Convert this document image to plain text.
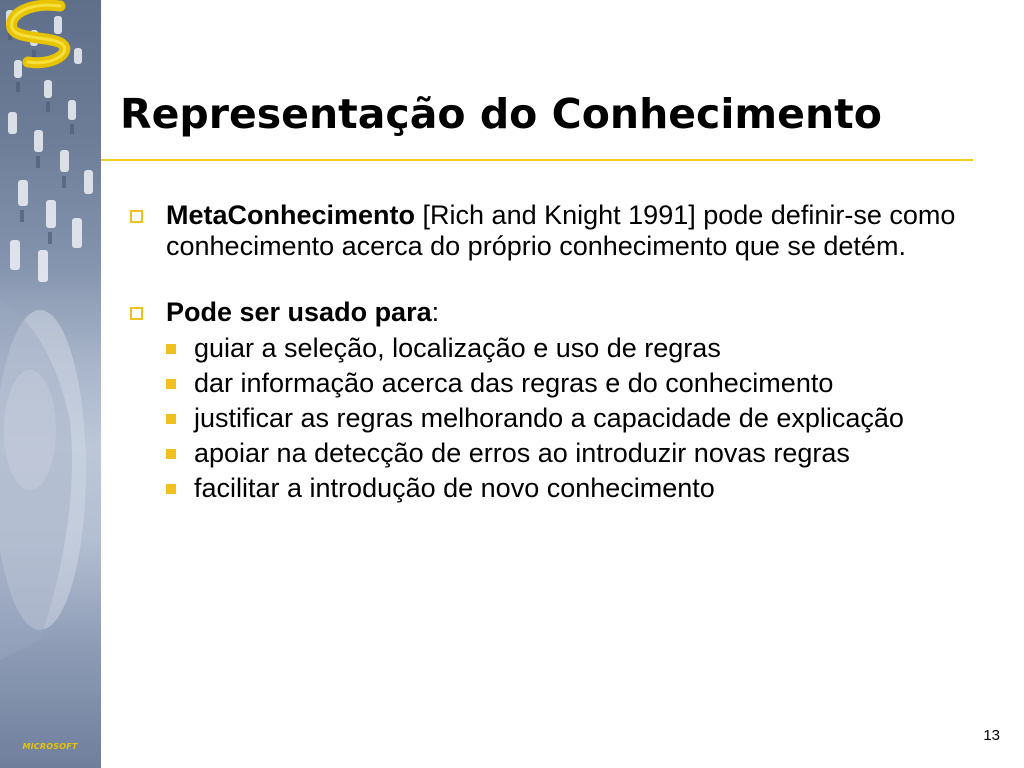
MICROSOFT
Representação do Conhecimento
MetaConhecimento [Rich and Knight 1991] pode definir-se como conhecimento acerca do próprio conhecimento que se detém.
Pode ser usado para:
guiar a seleção, localização e uso de regras
dar informação acerca das regras e do conhecimento
justificar as regras melhorando a capacidade de explicação
apoiar na detecção de erros ao introduzir novas regras
facilitar a introdução de novo conhecimento
13
